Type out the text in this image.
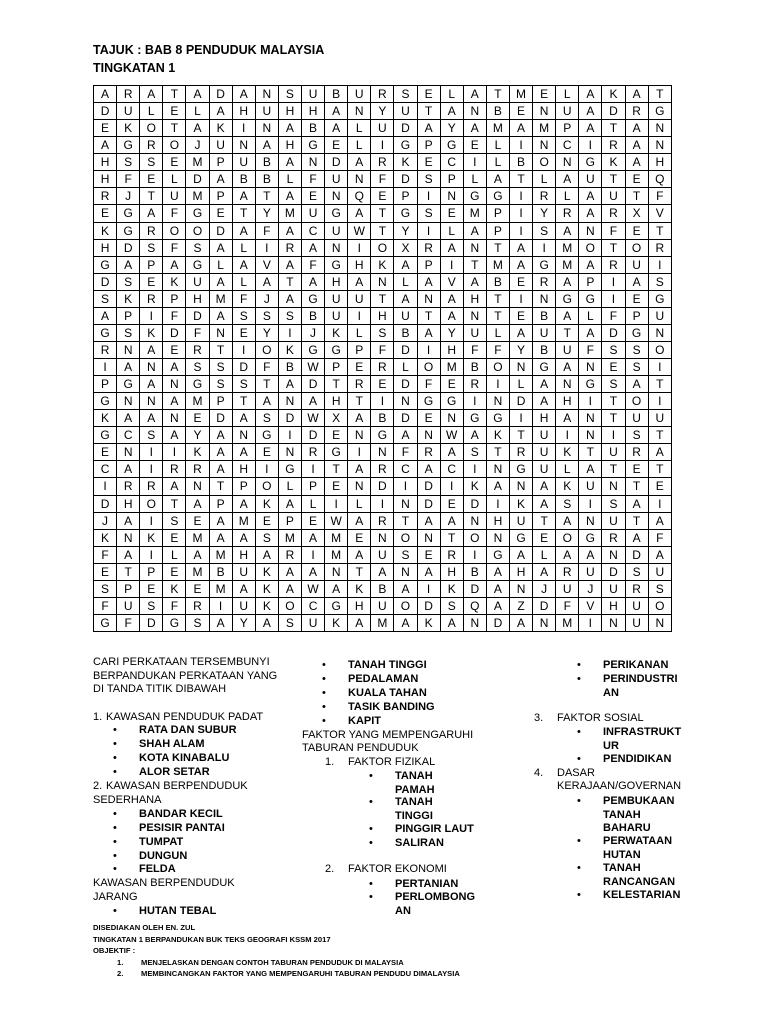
TAJUK : BAB 8 PENDUDUK MALAYSIA
TINGKATAN 1
A	R	A	T	A	D	A	N	S	U	B	U	R	S	E	L	A	T	M	E	L	A	K	A	T
D	U	L	E	L	A	H	U	H	H	A	N	Y	U	T	A	N	B	E	N	U	A	D	R	G
E	K	O	T	A	K	I	N	A	B	A	L	U	D	A	Y	A	M	A	M	P	A	T	A	N
A	G	R	O	J	U	N	A	H	G	E	L	I	G	P	G	E	L	I	N	C	I	R	A	N
H	S	S	E	M	P	U	B	A	N	D	A	R	K	E	C	I	L	B	O	N	G	K	A	H
H	F	E	L	D	A	B	B	L	F	U	N	F	D	S	P	L	A	T	L	A	U	T	E	Q
R	J	T	U	M	P	A	T	A	E	N	Q	E	P	I	N	G	G	I	R	L	A	U	T	F
E	G	A	F	G	E	T	Y	M	U	G	A	T	G	S	E	M	P	I	Y	R	A	R	X	V
K	G	R	O	O	D	A	F	A	C	U	W	T	Y	I	L	A	P	I	S	A	N	F	E	T
H	D	S	F	S	A	L	I	R	A	N	I	O	X	R	A	N	T	A	I	M	O	T	O	R
G	A	P	A	G	L	A	V	A	F	G	H	K	A	P	I	T	M	A	G	M	A	R	U	I
D	S	E	K	U	A	L	A	T	A	H	A	N	L	A	V	A	B	E	R	A	P	I	A	S
S	K	R	P	H	M	F	J	A	G	U	U	T	A	N	A	H	T	I	N	G	G	I	E	G
A	P	I	F	D	A	S	S	S	B	U	I	H	U	T	A	N	T	E	B	A	L	F	P	U
G	S	K	D	F	N	E	Y	I	J	K	L	S	B	A	Y	U	L	A	U	T	A	D	G	N
R	N	A	E	R	T	I	O	K	G	G	P	F	D	I	H	F	F	Y	B	U	F	S	S	O
I	A	N	A	S	S	D	F	B	W	P	E	R	L	O	M	B	O	N	G	A	N	E	S	I
P	G	A	N	G	S	S	T	A	D	T	R	E	D	F	E	R	I	L	A	N	G	S	A	T
G	N	N	A	M	P	T	A	N	A	H	T	I	N	G	G	I	N	D	A	H	I	T	O	I
K	A	A	N	E	D	A	S	D	W	X	A	B	D	E	N	G	G	I	H	A	N	T	U	U
G	C	S	A	Y	A	N	G	I	D	E	N	G	A	N	W	A	K	T	U	I	N	I	S	T
E	N	I	I	K	A	A	E	N	R	G	I	N	F	R	A	S	T	R	U	K	T	U	R	A
C	A	I	R	R	A	H	I	G	I	T	A	R	C	A	C	I	N	G	U	L	A	T	E	T
I	R	R	A	N	T	P	O	L	P	E	N	D	I	D	I	K	A	N	A	K	U	N	T	E
D	H	O	T	A	P	A	K	A	L	I	L	I	N	D	E	D	I	K	A	S	I	S	A	I
J	A	I	S	E	A	M	E	P	E	W	A	R	T	A	A	N	H	U	T	A	N	U	T	A
K	N	K	E	M	A	A	S	M	A	M	E	N	O	N	T	O	N	G	E	O	G	R	A	F
F	A	I	L	A	M	H	A	R	I	M	A	U	S	E	R	I	G	A	L	A	A	N	D	A
E	T	P	E	M	B	U	K	A	A	N	T	A	N	A	H	B	A	H	A	R	U	D	S	U
S	P	E	K	E	M	A	K	A	W	A	K	B	A	I	K	D	A	N	J	U	J	U	R	S
F	U	S	F	R	I	U	K	O	C	G	H	U	O	D	S	Q	A	Z	D	F	V	H	U	O
G	F	D	G	S	A	Y	A	S	U	K	A	M	A	K	A	N	D	A	N	M	I	N	U	N
CARI PERKATAAN TERSEMBUNYI
BERPANDUKAN PERKATAAN YANG
DI TANDA TITIK DIBAWAH
1. KAWASAN PENDUDUK PADAT
• RATA DAN SUBUR
• SHAH ALAM
• KOTA KINABALU
• ALOR SETAR
2. KAWASAN BERPENDUDUK
SEDERHANA
• BANDAR KECIL
• PESISIR PANTAI
• TUMPAT
• DUNGUN
• FELDA
KAWASAN BERPENDUDUK
JARANG
• HUTAN TEBAL
• TANAH TINGGI
• PEDALAMAN
• KUALA TAHAN
• TASIK BANDING
• KAPIT
FAKTOR YANG MEMPENGARUHI
TABURAN PENDUDUK
1. FAKTOR FIZIKAL
• TANAH
PAMAH
• TANAH
TINGGI
• PINGGIR LAUT
• SALIRAN
2. FAKTOR EKONOMI
• PERTANIAN
• PERLOMBONG
AN
• PERIKANAN
• PERINDUSTRI
AN
3. FAKTOR SOSIAL
• INFRASTRUKT
UR
• PENDIDIKAN
4. DASAR
KERAJAAN/GOVERNAN
• PEMBUKAAN
TANAH
BAHARU
• PERWATAAN
HUTAN
• TANAH
RANCANGAN
• KELESTARIAN
DISEDIAKAN OLEH EN. ZUL
TINGKATAN 1 BERPANDUKAN BUK TEKS GEOGRAFI KSSM 2017
OBJEKTIF :
1. MENJELASKAN DENGAN CONTOH TABURAN PENDUDUK DI MALAYSIA
2. MEMBINCANGKAN FAKTOR YANG MEMPENGARUHI TABURAN PENDUDU DIMALAYSIA
